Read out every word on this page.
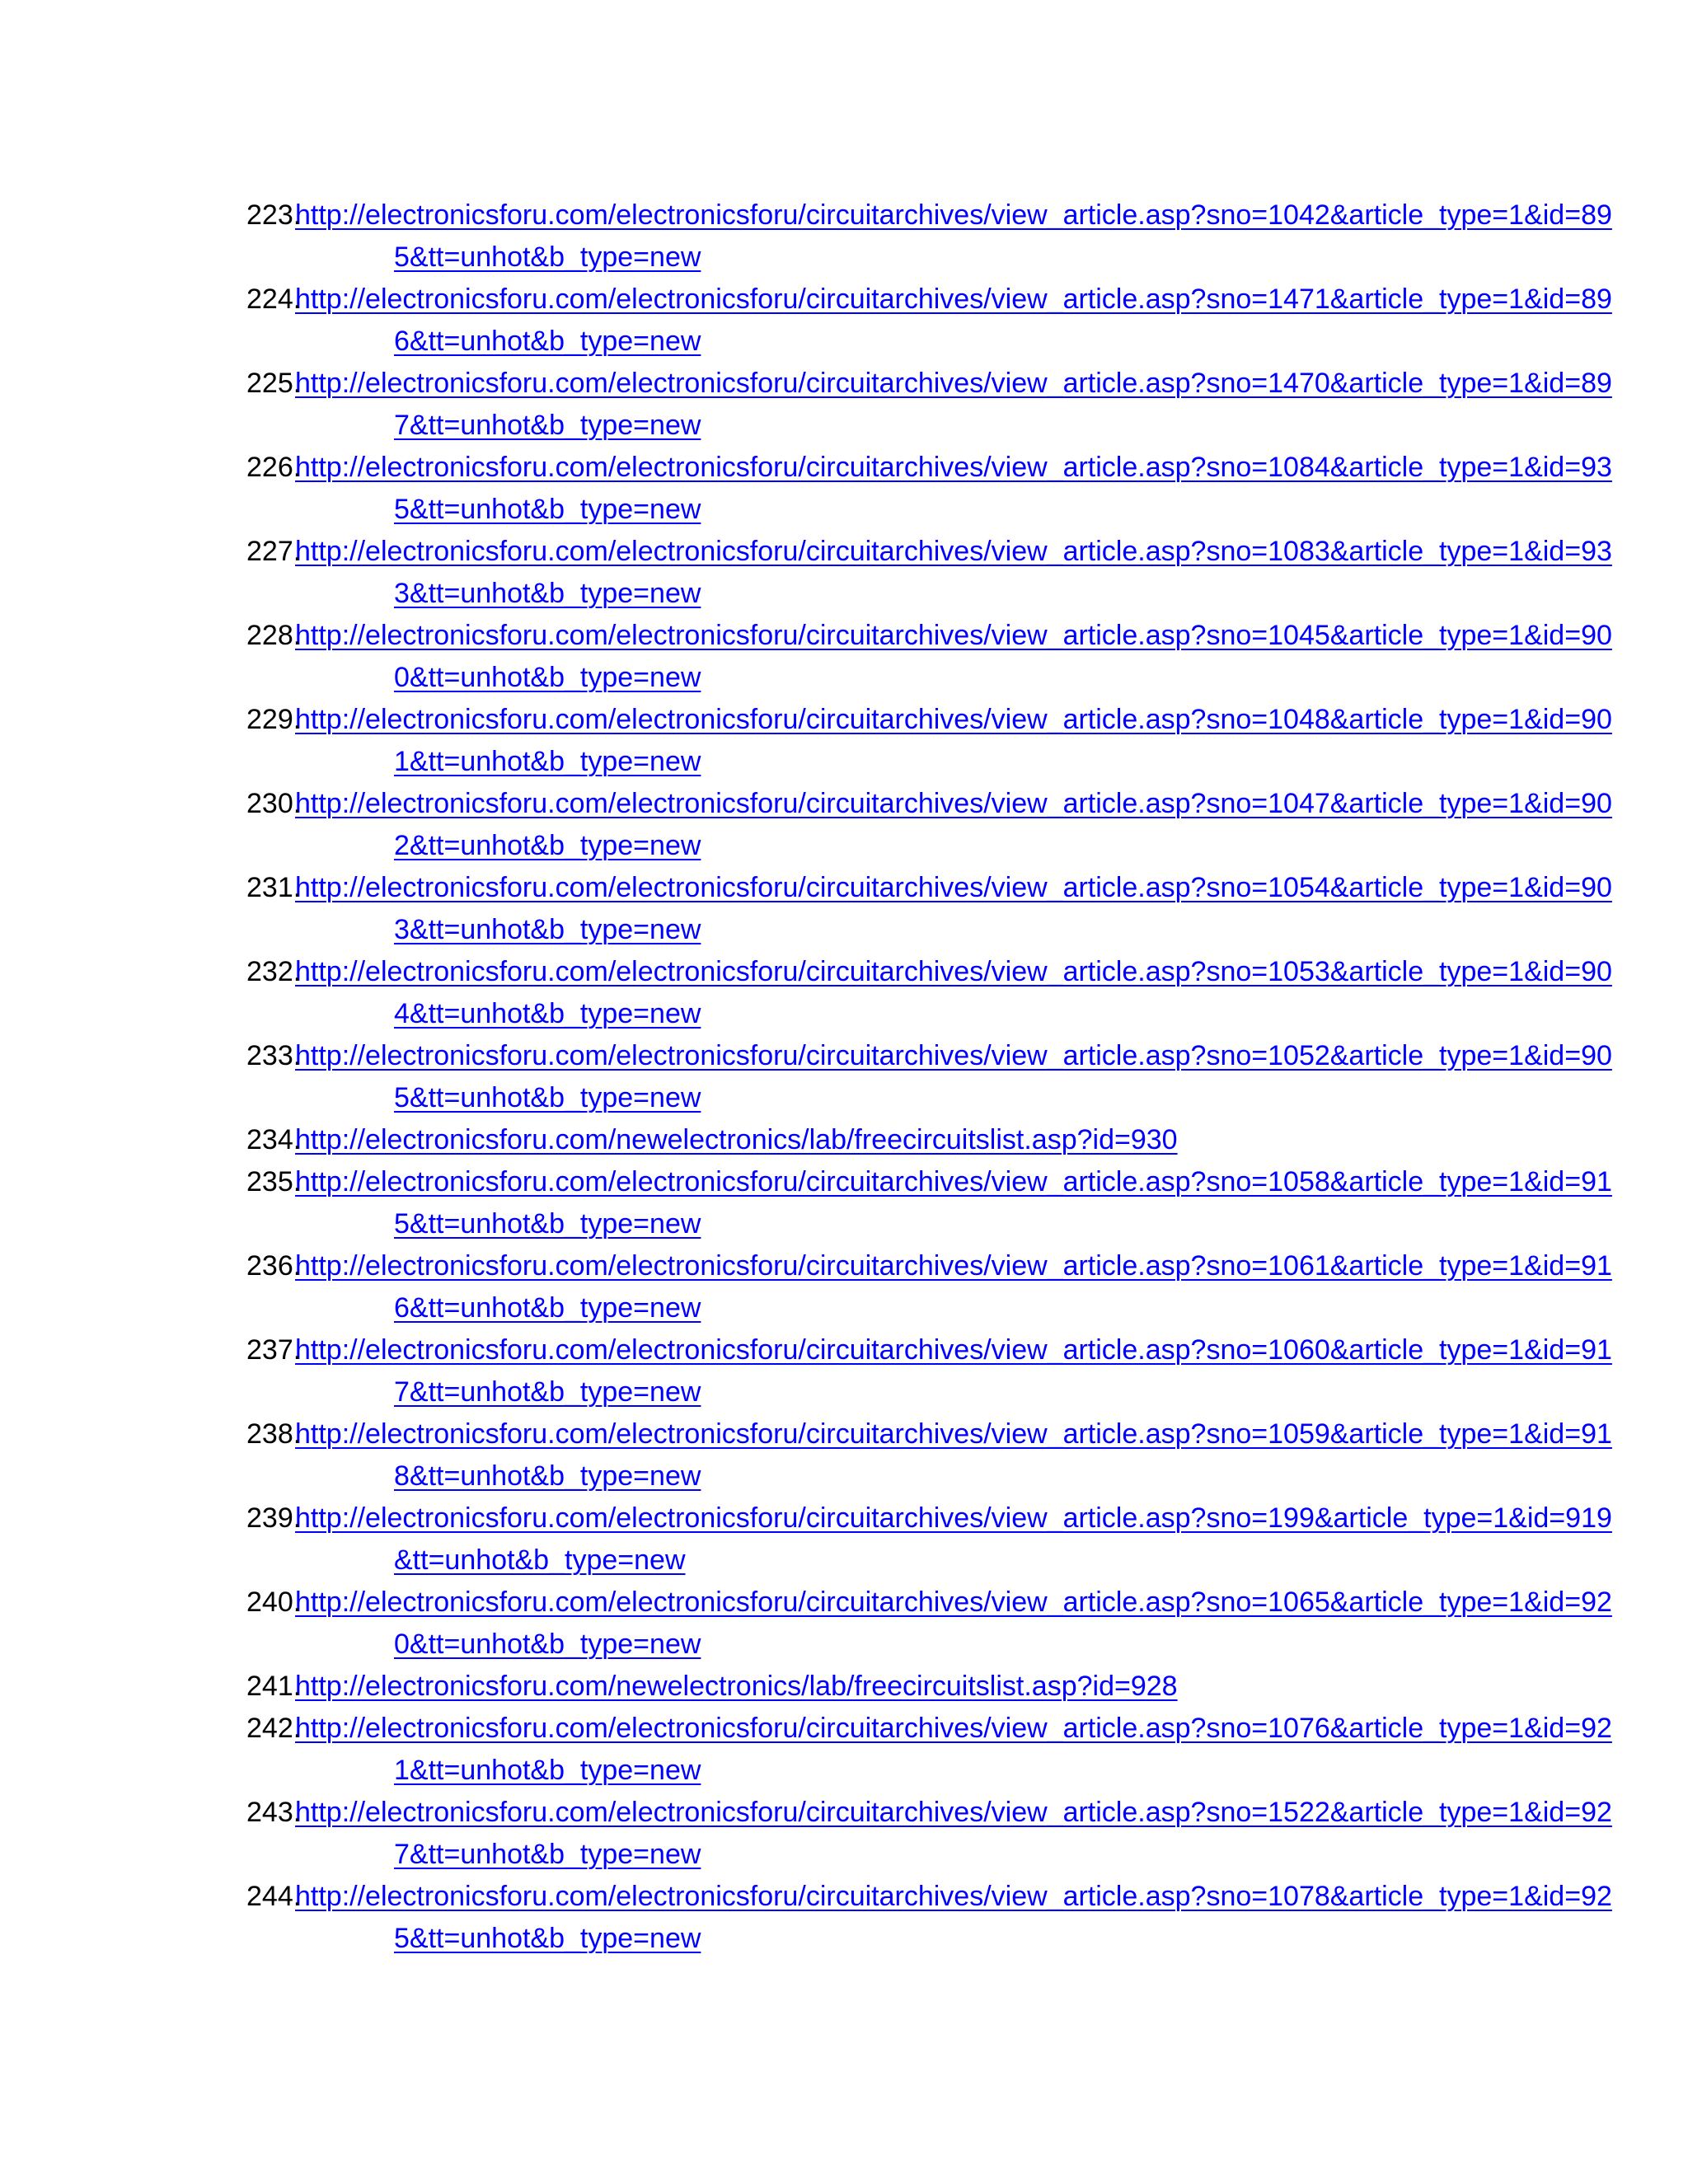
223.
http://electronicsforu.com/electronicsforu/circuitarchives/view_article.asp?sno=1042&article_type=1&id=895&tt=unhot&b_type=new
224.
http://electronicsforu.com/electronicsforu/circuitarchives/view_article.asp?sno=1471&article_type=1&id=896&tt=unhot&b_type=new
225.
http://electronicsforu.com/electronicsforu/circuitarchives/view_article.asp?sno=1470&article_type=1&id=897&tt=unhot&b_type=new
226.
http://electronicsforu.com/electronicsforu/circuitarchives/view_article.asp?sno=1084&article_type=1&id=935&tt=unhot&b_type=new
227.
http://electronicsforu.com/electronicsforu/circuitarchives/view_article.asp?sno=1083&article_type=1&id=933&tt=unhot&b_type=new
228.
http://electronicsforu.com/electronicsforu/circuitarchives/view_article.asp?sno=1045&article_type=1&id=900&tt=unhot&b_type=new
229.
http://electronicsforu.com/electronicsforu/circuitarchives/view_article.asp?sno=1048&article_type=1&id=901&tt=unhot&b_type=new
230.
http://electronicsforu.com/electronicsforu/circuitarchives/view_article.asp?sno=1047&article_type=1&id=902&tt=unhot&b_type=new
231.
http://electronicsforu.com/electronicsforu/circuitarchives/view_article.asp?sno=1054&article_type=1&id=903&tt=unhot&b_type=new
232.
http://electronicsforu.com/electronicsforu/circuitarchives/view_article.asp?sno=1053&article_type=1&id=904&tt=unhot&b_type=new
233.
http://electronicsforu.com/electronicsforu/circuitarchives/view_article.asp?sno=1052&article_type=1&id=905&tt=unhot&b_type=new
234.
http://electronicsforu.com/newelectronics/lab/freecircuitslist.asp?id=930
235.
http://electronicsforu.com/electronicsforu/circuitarchives/view_article.asp?sno=1058&article_type=1&id=915&tt=unhot&b_type=new
236.
http://electronicsforu.com/electronicsforu/circuitarchives/view_article.asp?sno=1061&article_type=1&id=916&tt=unhot&b_type=new
237.
http://electronicsforu.com/electronicsforu/circuitarchives/view_article.asp?sno=1060&article_type=1&id=917&tt=unhot&b_type=new
238.
http://electronicsforu.com/electronicsforu/circuitarchives/view_article.asp?sno=1059&article_type=1&id=918&tt=unhot&b_type=new
239.
http://electronicsforu.com/electronicsforu/circuitarchives/view_article.asp?sno=199&article_type=1&id=919&tt=unhot&b_type=new
240.
http://electronicsforu.com/electronicsforu/circuitarchives/view_article.asp?sno=1065&article_type=1&id=920&tt=unhot&b_type=new
241.
http://electronicsforu.com/newelectronics/lab/freecircuitslist.asp?id=928
242.
http://electronicsforu.com/electronicsforu/circuitarchives/view_article.asp?sno=1076&article_type=1&id=921&tt=unhot&b_type=new
243.
http://electronicsforu.com/electronicsforu/circuitarchives/view_article.asp?sno=1522&article_type=1&id=927&tt=unhot&b_type=new
244.
http://electronicsforu.com/electronicsforu/circuitarchives/view_article.asp?sno=1078&article_type=1&id=925&tt=unhot&b_type=new
